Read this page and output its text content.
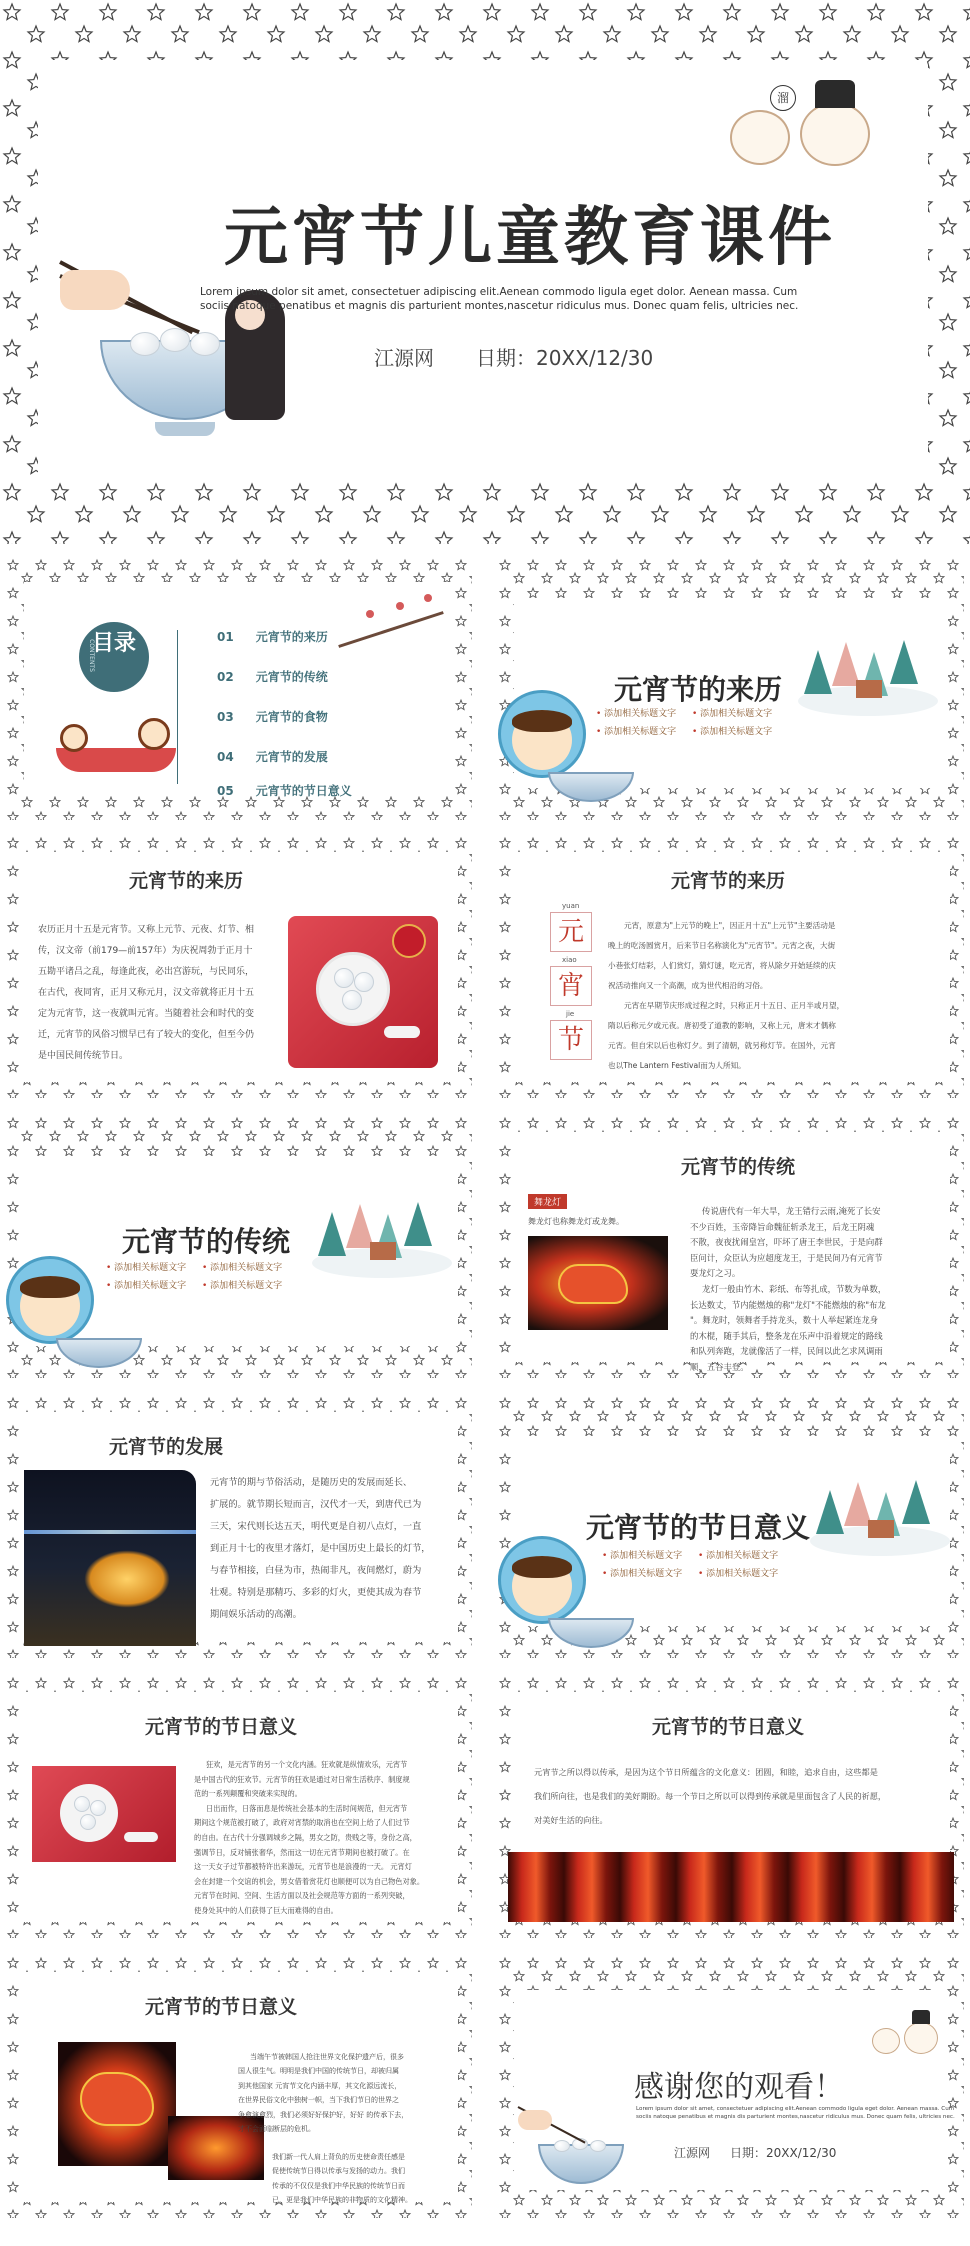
溜
元宵节儿童教育课件
Lorem ipsum dolor sit amet, consectetuer adipiscing elit.Aenean commodo ligula eget dolor. Aenean massa. Cum
sociis natoque penatibus et magnis dis parturient montes,nascetur ridiculus mus. Donec quam felis, ultricies nec.
江源网 日期：20XX/12/30
目录
CONTENTS
01 元宵节的来历
02 元宵节的传统
03 元宵节的食物
04 元宵节的发展
05 元宵节的节日意义
元宵节的来历
• 添加相关标题文字	• 添加相关标题文字
• 添加相关标题文字	• 添加相关标题文字
元宵节的来历
农历正月十五是元宵节。又称上元节、元夜、灯节、相
传，汉文帝（前179—前157年）为庆祝周勃于正月十
五勘平诸吕之乱，每逢此夜，必出宫游玩，与民同乐，
在古代，夜同宵，正月又称元月，汉文帝就将正月十五
定为元宵节，这一夜就叫元宵。当随着社会和时代的变
迁，元宵节的风俗习惯早已有了较大的变化，但至今仍
是中国民间传统节日。
元宵节的来历
yuan
元
xiao
宵
jie
节
元宵，原意为"上元节的晚上"，因正月十五"上元节"主要活动是
晚上的吃汤圆赏月，后来节日名称演化为"元宵节"。元宵之夜，大街
小巷张灯结彩，人们赏灯，猜灯谜，吃元宵，将从除夕开始延续的庆
祝活动推向又一个高潮，成为世代相沿的习俗。
元宵在早期节庆形成过程之时，只称正月十五日、正月半或月望，
隋以后称元夕或元夜。唐初受了道教的影响，又称上元，唐末才偶称
元宵。但自宋以后也称灯夕。到了清朝，就另称灯节。在国外，元宵
也以The Lantern Festival而为人所知。
元宵节的传统
• 添加相关标题文字	• 添加相关标题文字
• 添加相关标题文字	• 添加相关标题文字
元宵节的传统
舞龙灯
舞龙灯也称舞龙灯或龙舞。
传说唐代有一年大旱，龙王错行云雨,淹死了长安
不少百姓，玉帝降旨命魏征斩杀龙王，后龙王阴魂
不散，夜夜扰闹皇宫，吓坏了唐王李世民，于是向群
臣问计，众臣认为应超度龙王，于是民间乃有元宵节
耍龙灯之习。
龙灯一般由竹木、彩纸、布等扎成，节数为单数，
长达数丈，节内能燃烛的称"龙灯"不能燃烛的称"布龙
"。舞龙时，领舞者手持龙头，数十人举起紧连龙身
的木棍，随手其后，整条龙在乐声中沿着规定的路线
和队列奔跑，龙就像活了一样，民间以此乞求风调雨
顺，五谷丰登。
元宵节的发展
元宵节的期与节俗活动，是随历史的发展而延长、
扩展的。就节期长短而言，汉代才一天，到唐代已为
三天，宋代则长达五天，明代更是自初八点灯，一直
到正月十七的夜里才落灯，是中国历史上最长的灯节，
与春节相接，白昼为市，热闹非凡，夜间燃灯，蔚为
壮观。特别是那精巧、多彩的灯火，更使其成为春节
期间娱乐活动的高潮。
元宵节的节日意义
• 添加相关标题文字	• 添加相关标题文字
• 添加相关标题文字	• 添加相关标题文字
元宵节的节日意义
狂欢，是元宵节的另一个文化内涵。狂欢就是纵情欢乐，元宵节
是中国古代的狂欢节。元宵节的狂欢是通过对日常生活秩序、制度规
范的一系列颠覆和突破来实现的。
日出而作，日落而息是传统社会基本的生活时间规范，但元宵节
期间这个规范被打破了，政府对宵禁的取消也在空间上给了人们过节
的自由。在古代十分强调城乡之隔，男女之防，贵贱之等，身份之高，
强调节日，反对铺张奢华，然而这一切在元宵节期间也被打破了。在
这一天女子过节都被特许出来游玩，元宵节也是浪漫的一天。 元宵灯
会在封建一个交谊的机会，男女借着赏花灯也顺便可以为自己物色对象。
元宵节在时间、空间、生活方面以及社会规范等方面的一系列突破，
使身处其中的人们获得了巨大而难得的自由。
元宵节的节日意义
元宵节之所以得以传承，是因为这个节日所蕴含的文化意义：团圆，和睦，追求自由，这些都是
我们所向往，也是我们的美好期盼。每一个节日之所以可以得到传承就是里面包含了人民的祈愿，
对美好生活的向往。
元宵节的节日意义
当端午节被韩国人抢注世界文化保护遗产后，很多
国人很生气。明明是我们中国的传统节日，却被归属
到其他国家 元宵节文化内涵丰厚，其文化源远流长，
在世界民俗文化中独树一帜，当下我们节日的世界之
争愈演愈烈，我们必须好好保护好，好好 的传承下去，
才不会面临断层的危机。
我们新一代人肩上背负的历史使命责任感是
促使传统节日得以传承与发扬的动力。我们
传承的不仅仅是我们中华民族的传统节日而
已，更是我们中华民族的非物质的文化精神。
感谢您的观看！
Lorem ipsum dolor sit amet, consectetuer adipiscing elit.Aenean commodo ligula eget dolor. Aenean massa. Cum
sociis natoque penatibus et magnis dis parturient montes,nascetur ridiculus mus. Donec quam felis, ultricies nec.
江源网 日期：20XX/12/30
